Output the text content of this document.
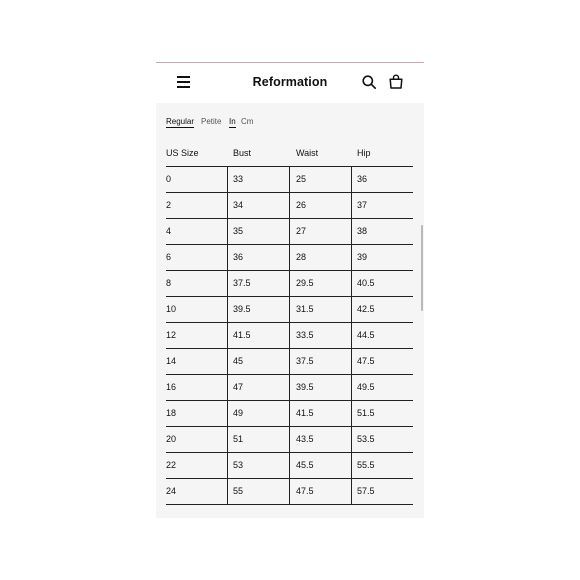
Reformation
Regular Petite In Cm
US Size	Bust	Waist	Hip
0	33	25	36
2	34	26	37
4	35	27	38
6	36	28	39
8	37.5	29.5	40.5
10	39.5	31.5	42.5
12	41.5	33.5	44.5
14	45	37.5	47.5
16	47	39.5	49.5
18	49	41.5	51.5
20	51	43.5	53.5
22	53	45.5	55.5
24	55	47.5	57.5
